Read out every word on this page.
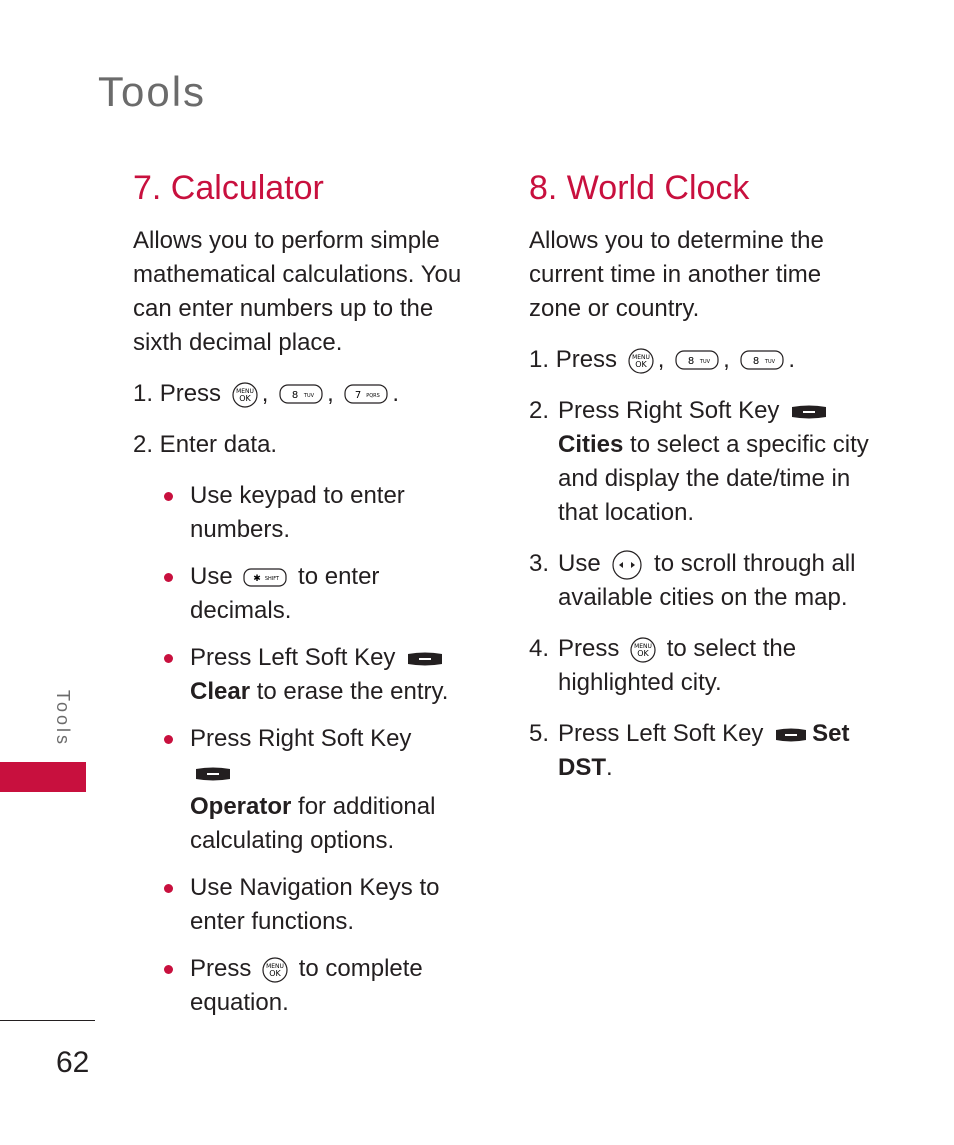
Tools
7. Calculator

Allows you to perform simple mathematical calculations. You can enter numbers up to the sixth decimal place.

1. Press MENU
OK , 8 TUV , 7 PQRS .
2. Enter data.
Use keypad to enter numbers.
Use ✱ SHIFT to enter decimals.
Press Left Soft Key

Clear to erase the entry.
Press Right Soft Key

Operator for additional calculating options.
Use Navigation Keys to enter functions.
Press MENU
OK to complete equation.
8. World Clock

Allows you to determine the current time in another time zone or country.

1. Press MENU
OK , 8 TUV , 8 TUV .
2. Press Right Soft Key

Cities to select a specific city and display the date/time in that location.
3. Use to scroll through all available cities on the map.
4. Press MENU
OK to select the highlighted city.
5. Press Left Soft Key Set
DST.
Tools
62
